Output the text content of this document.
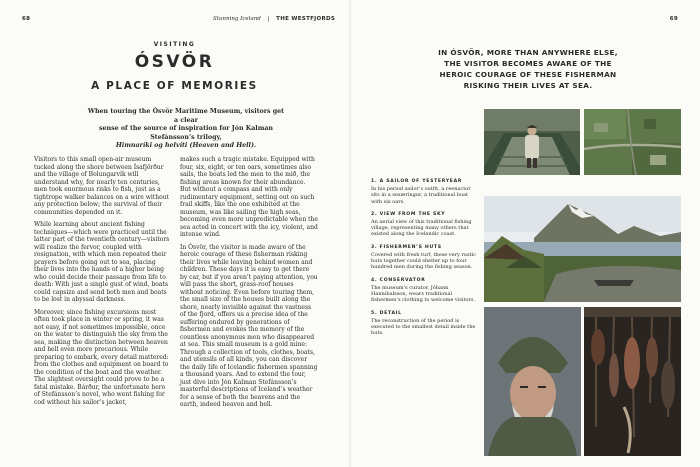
68	Stunning Iceland | THE WESTFJORDS
VISITING
ÓSVÖR
A PLACE OF MEMORIES
When touring the Ósvör Maritime Museum, visitors get a clear
sense of the source of inspiration for Jón Kalman Stefánsson’s trilogy,
Himnaríki og helvíti (Heaven and Hell).

Visitors to this small open-air museum tucked along the shore between Ísafjörður and the village of Bolungarvík will understand why, for nearly ten centuries, men took enormous risks to fish, just as a tightrope walker balances on a wire without any protection below; the survival of their communities depended on it.

While learning about ancient fishing techniques—which were practiced until the latter part of the twentieth century—visitors will realize the fervor, coupled with resignation, with which men repeated their prayers before going out to sea, placing their lives into the hands of a higher being who could decide their passage from life to death: With just a single gust of wind, boats could capsize and send both men and boats to be lost in abyssal darkness.

Moreover, since fishing excursions most often took place in winter or spring, it was not easy, if not sometimes impossible, once on the water to distinguish the sky from the sea, making the distinction between heaven and hell even more precarious. While preparing to embark, every detail mattered: from the clothes and equipment on board to the condition of the boat and the weather. The slightest oversight could prove to be a fatal mistake. Bárður, the unfortunate hero of Stefánsson’s novel, who went fishing for cod without his sailor’s jacket,

makes such a tragic mistake. Equipped with four, six, eight, or ten oars, sometimes also sails, the boats led the men to the mið, the fishing areas known for their abundance. But without a compass and with only rudimentary equipment, setting out on such frail skiffs, like the one exhibited at the museum, was like sailing the high seas, becoming even more unpredictable when the sea acted in concert with the icy, violent, and intense wind.

In Ósvör, the visitor is made aware of the heroic courage of these fisherman risking their lives while leaving behind women and children. These days it is easy to get there by car, but if you aren’t paying attention, you will pass the short, grass-roof houses without noticing. Even before touring them, the small size of the houses built along the shore, nearly invisible against the vastness of the fjord, offers us a precise idea of the suffering endured by generations of fishermen and evokes the memory of the countless anonymous men who disappeared at sea. This small museum is a gold mine: Through a collection of tools, clothes, boats, and utensils of all kinds, you can discover the daily life of Icelandic fishermen spanning a thousand years. And to extend the tour, just dive into Jón Kalman Stefánsson’s masterful descriptions of Iceland’s weather for a sense of both the heavens and the earth, indeed heaven and hell.

69
IN ÓSVÖR, MORE THAN ANYWHERE ELSE,
THE VISITOR BECOMES AWARE OF THE
HEROIC COURAGE OF THESE FISHERMAN
RISKING THEIR LIVES AT SEA.
1. A SAILOR OF YESTERYEAR
In his period sailor’s outfit, a reenactor sits in a sexæringur, a traditional boat with six oars.
2. VIEW FROM THE SKY
An aerial view of this traditional fishing village, representing many others that existed along the Icelandic coast.
3. FISHERMEN’S HUTS
Covered with fresh turf, these very rustic huts together could shelter up to four hundred men during the fishing season.
4. CONSERVATOR
The museum’s curator, Jóhann Hannibalsson, wears traditional fishermen’s clothing to welcome visitors.
5. DETAIL
The reconstruction of the period is executed to the smallest detail inside the huts.
